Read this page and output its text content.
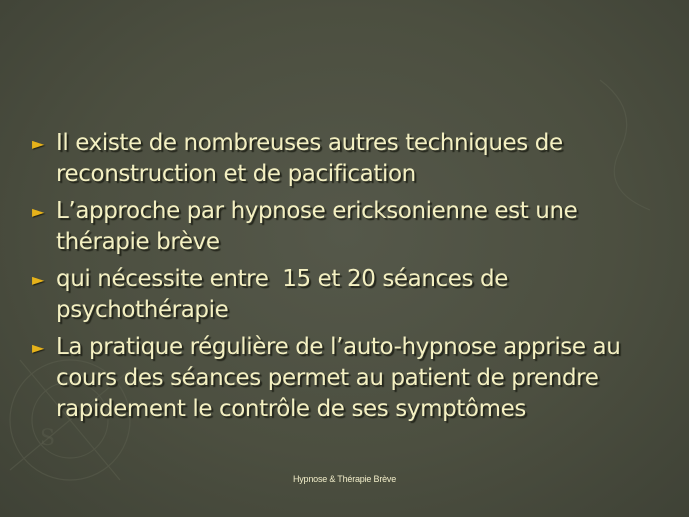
S
► Il existe de nombreuses autres techniques de reconstruction et de pacification
► L’approche par hypnose ericksonienne est une thérapie brève
► qui nécessite entre  15 et 20 séances de psychothérapie
► La pratique régulière de l’auto-hypnose apprise au cours des séances permet au patient de prendre rapidement le contrôle de ses symptômes
Hypnose & Thérapie Brève
